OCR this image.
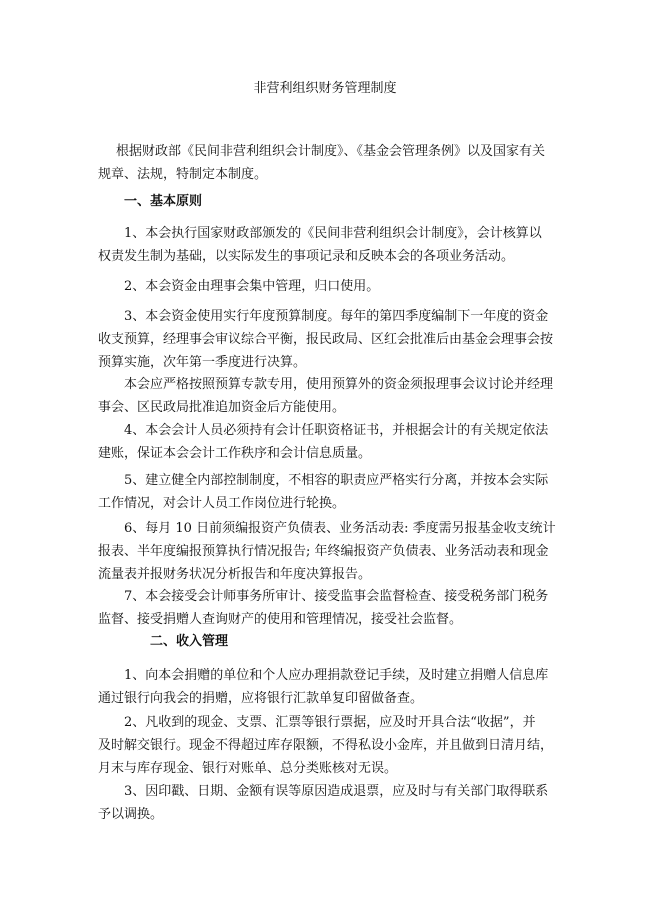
非营利组织财务管理制度
根据财政部《民间非营利组织会计制度》、《基金会管理条例》以及国家有关
规章、法规，特制定本制度。
一、基本原则
1、本会执行国家财政部颁发的《民间非营利组织会计制度》，会计核算以
权责发生制为基础，以实际发生的事项记录和反映本会的各项业务活动。
2、本会资金由理事会集中管理，归口使用。
3、本会资金使用实行年度预算制度。每年的第四季度编制下一年度的资金
收支预算，经理事会审议综合平衡，报民政局、区红会批准后由基金会理事会按
预算实施，次年第一季度进行决算。
本会应严格按照预算专款专用，使用预算外的资金须报理事会议讨论并经理
事会、区民政局批准追加资金后方能使用。
4、本会会计人员必须持有会计任职资格证书，并根据会计的有关规定依法
建账，保证本会会计工作秩序和会计信息质量。
5、建立健全内部控制制度，不相容的职责应严格实行分离，并按本会实际
工作情况，对会计人员工作岗位进行轮换。
6、每月 10 日前须编报资产负债表、业务活动表: 季度需另报基金收支统计
报表、半年度编报预算执行情况报告; 年终编报资产负债表、业务活动表和现金
流量表并报财务状况分析报告和年度决算报告。
7、本会接受会计师事务所审计、接受监事会监督检查、接受税务部门税务
监督、接受捐赠人查询财产的使用和管理情况，接受社会监督。
二、收入管理
1、向本会捐赠的单位和个人应办理捐款登记手续，及时建立捐赠人信息库
通过银行向我会的捐赠，应将银行汇款单复印留做备查。
2、凡收到的现金、支票、汇票等银行票据，应及时开具合法“收据”，并
及时解交银行。现金不得超过库存限额，不得私设小金库，并且做到日清月结，
月末与库存现金、银行对账单、总分类账核对无误。
3、因印戳、日期、金额有误等原因造成退票，应及时与有关部门取得联系
予以调换。
